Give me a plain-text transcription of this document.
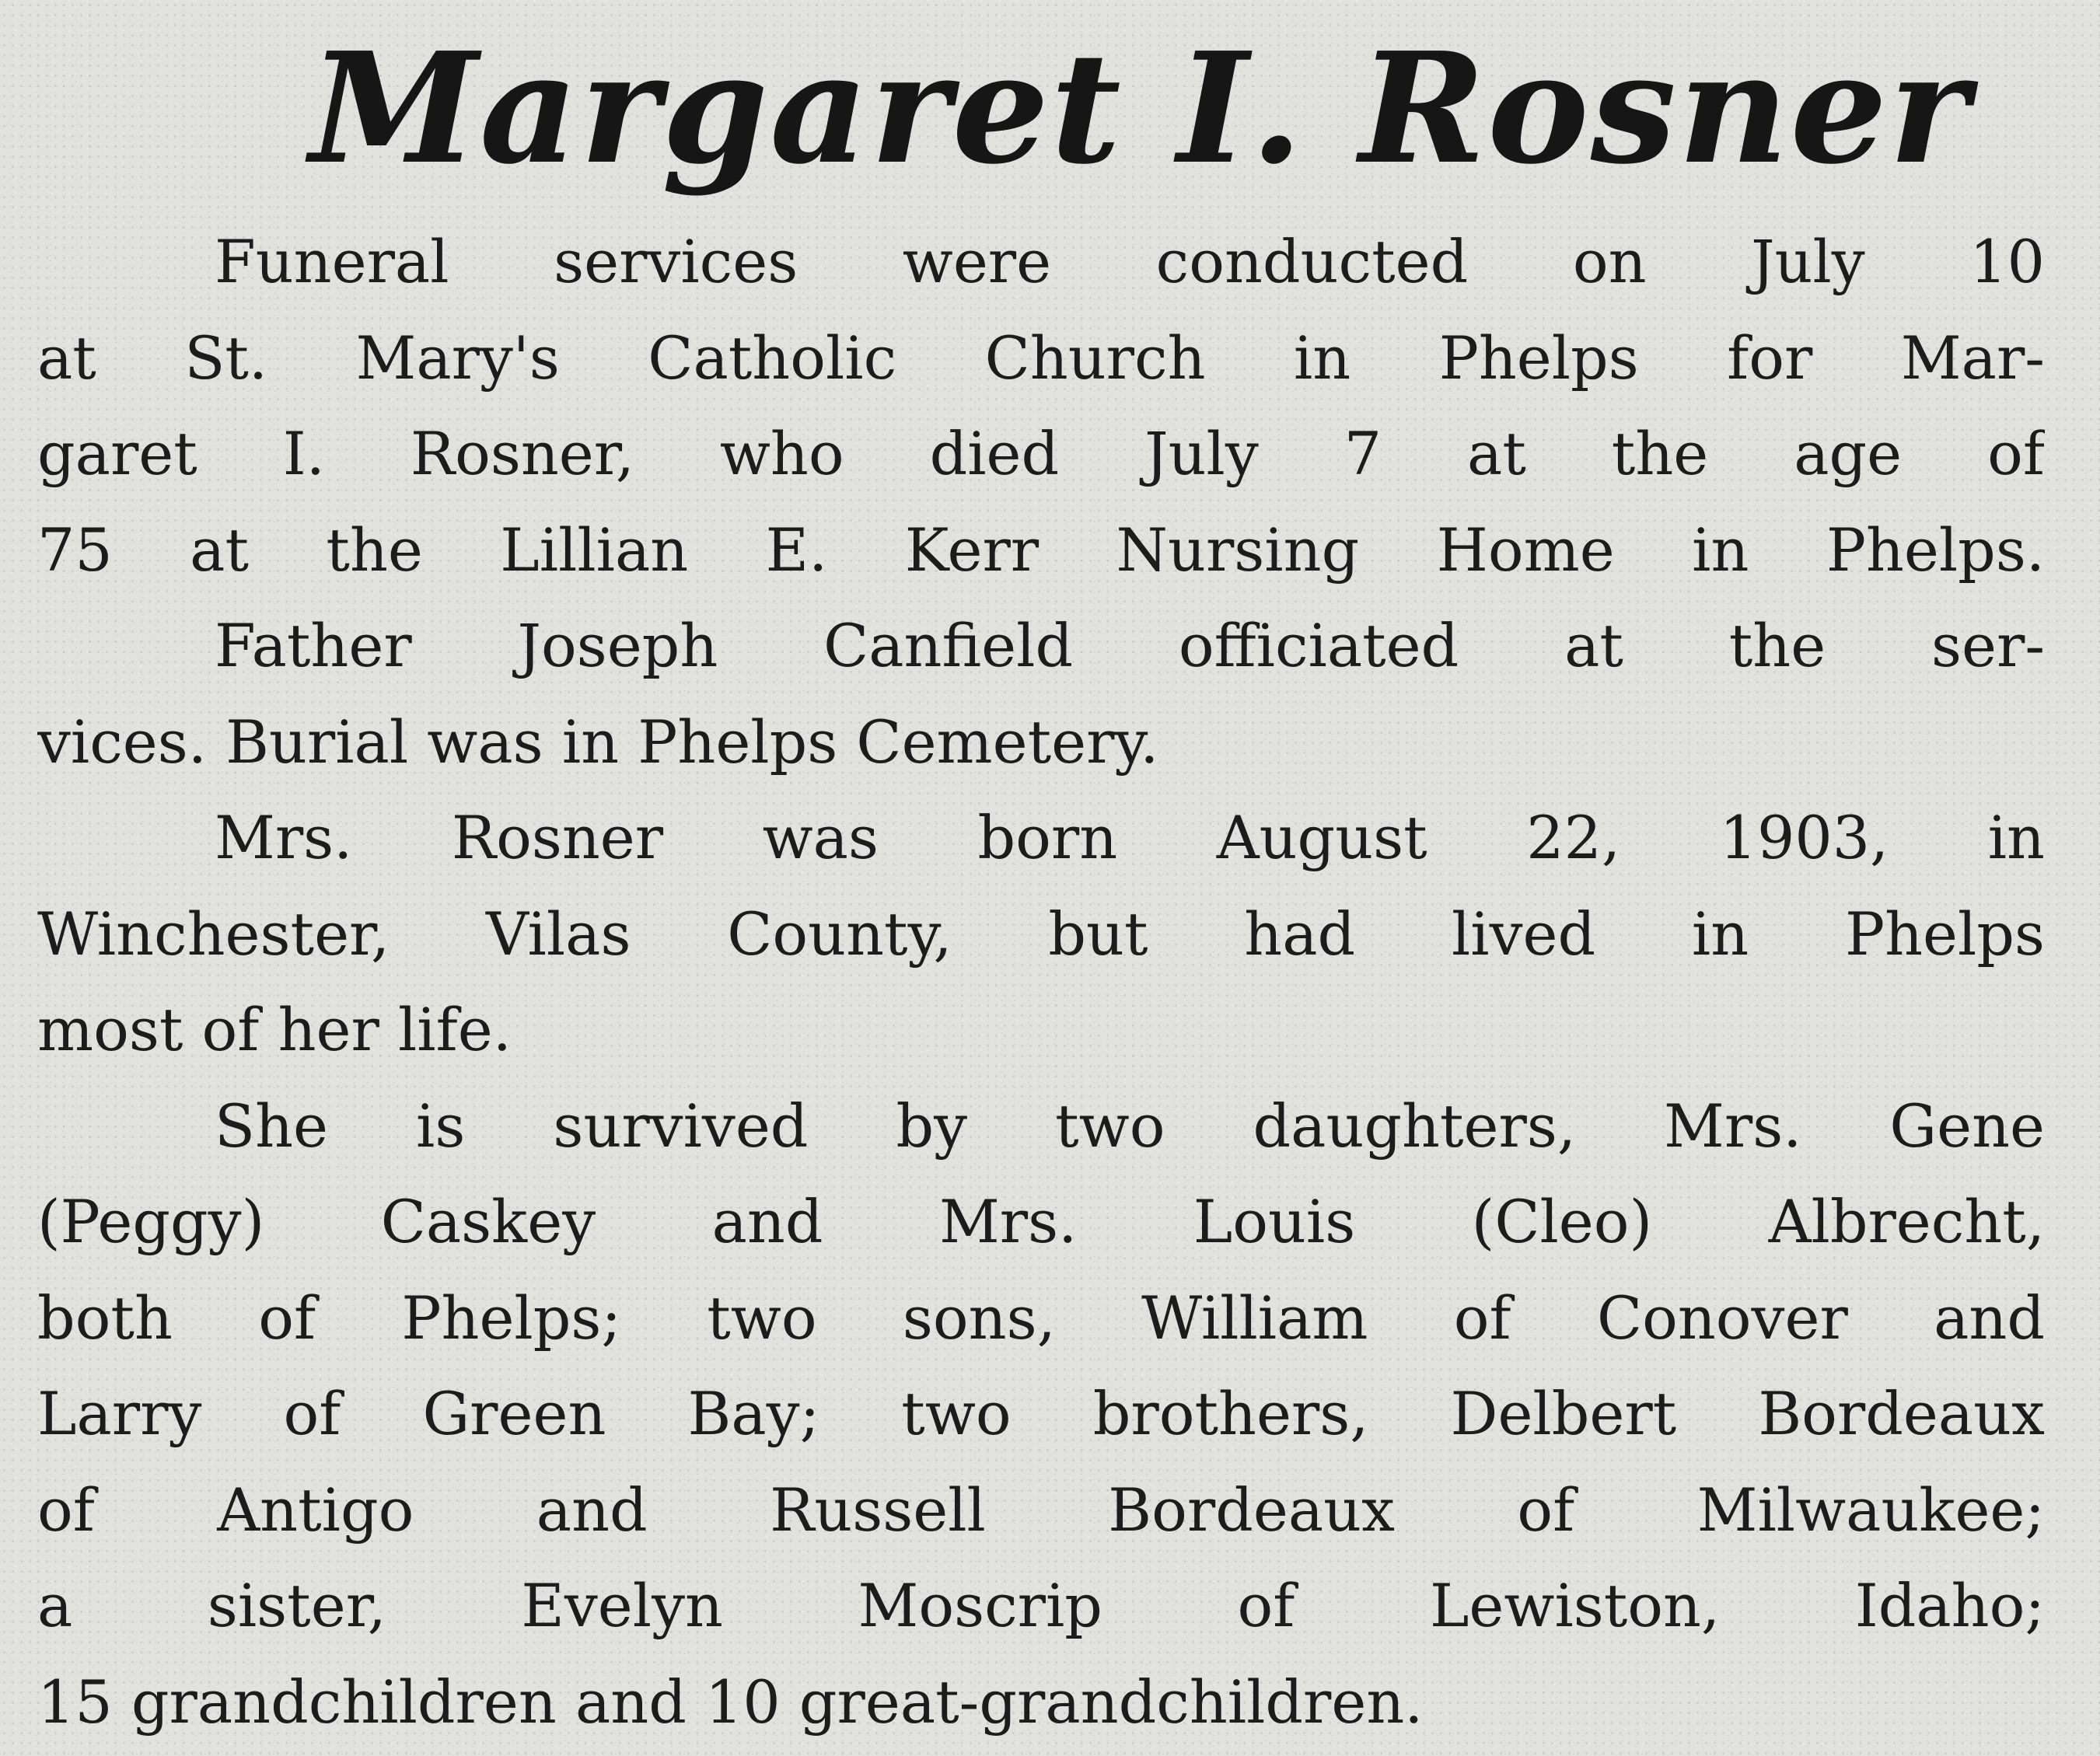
Margaret I. Rosner

Funeral services were conducted on July 10
at St. Mary's Catholic Church in Phelps for Mar-
garet I. Rosner, who died July 7 at the age of
75 at the Lillian E. Kerr Nursing Home in Phelps.

Father Joseph Canfield officiated at the ser-
vices. Burial was in Phelps Cemetery.

Mrs. Rosner was born August 22, 1903, in
Winchester, Vilas County, but had lived in Phelps
most of her life.

She is survived by two daughters, Mrs. Gene
(Peggy) Caskey and Mrs. Louis (Cleo) Albrecht,
both of Phelps; two sons, William of Conover and
Larry of Green Bay; two brothers, Delbert Bordeaux
of Antigo and Russell Bordeaux of Milwaukee;
a sister, Evelyn Moscrip of Lewiston, Idaho;
15 grandchildren and 10 great-grandchildren.
